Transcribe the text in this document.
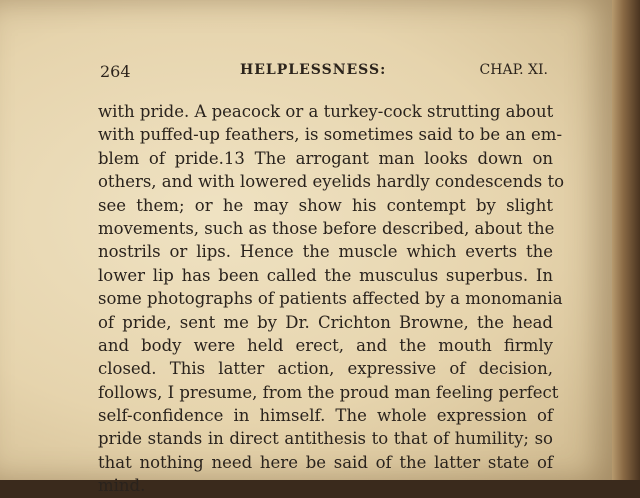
264	HELPLESSNESS:	CHAP. XI.
with pride. A peacock or a turkey-cock strutting about
with puffed-up feathers, is sometimes said to be an em-
blem of pride.13 The arrogant man looks down on
others, and with lowered eyelids hardly condescends to
see them; or he may show his contempt by slight
movements, such as those before described, about the
nostrils or lips. Hence the muscle which everts the
lower lip has been called the musculus superbus. In
some photographs of patients affected by a monomania
of pride, sent me by Dr. Crichton Browne, the head
and body were held erect, and the mouth firmly
closed. This latter action, expressive of decision,
follows, I presume, from the proud man feeling perfect
self-confidence in himself. The whole expression of
pride stands in direct antithesis to that of humility; so
that nothing need here be said of the latter state of
mind.
